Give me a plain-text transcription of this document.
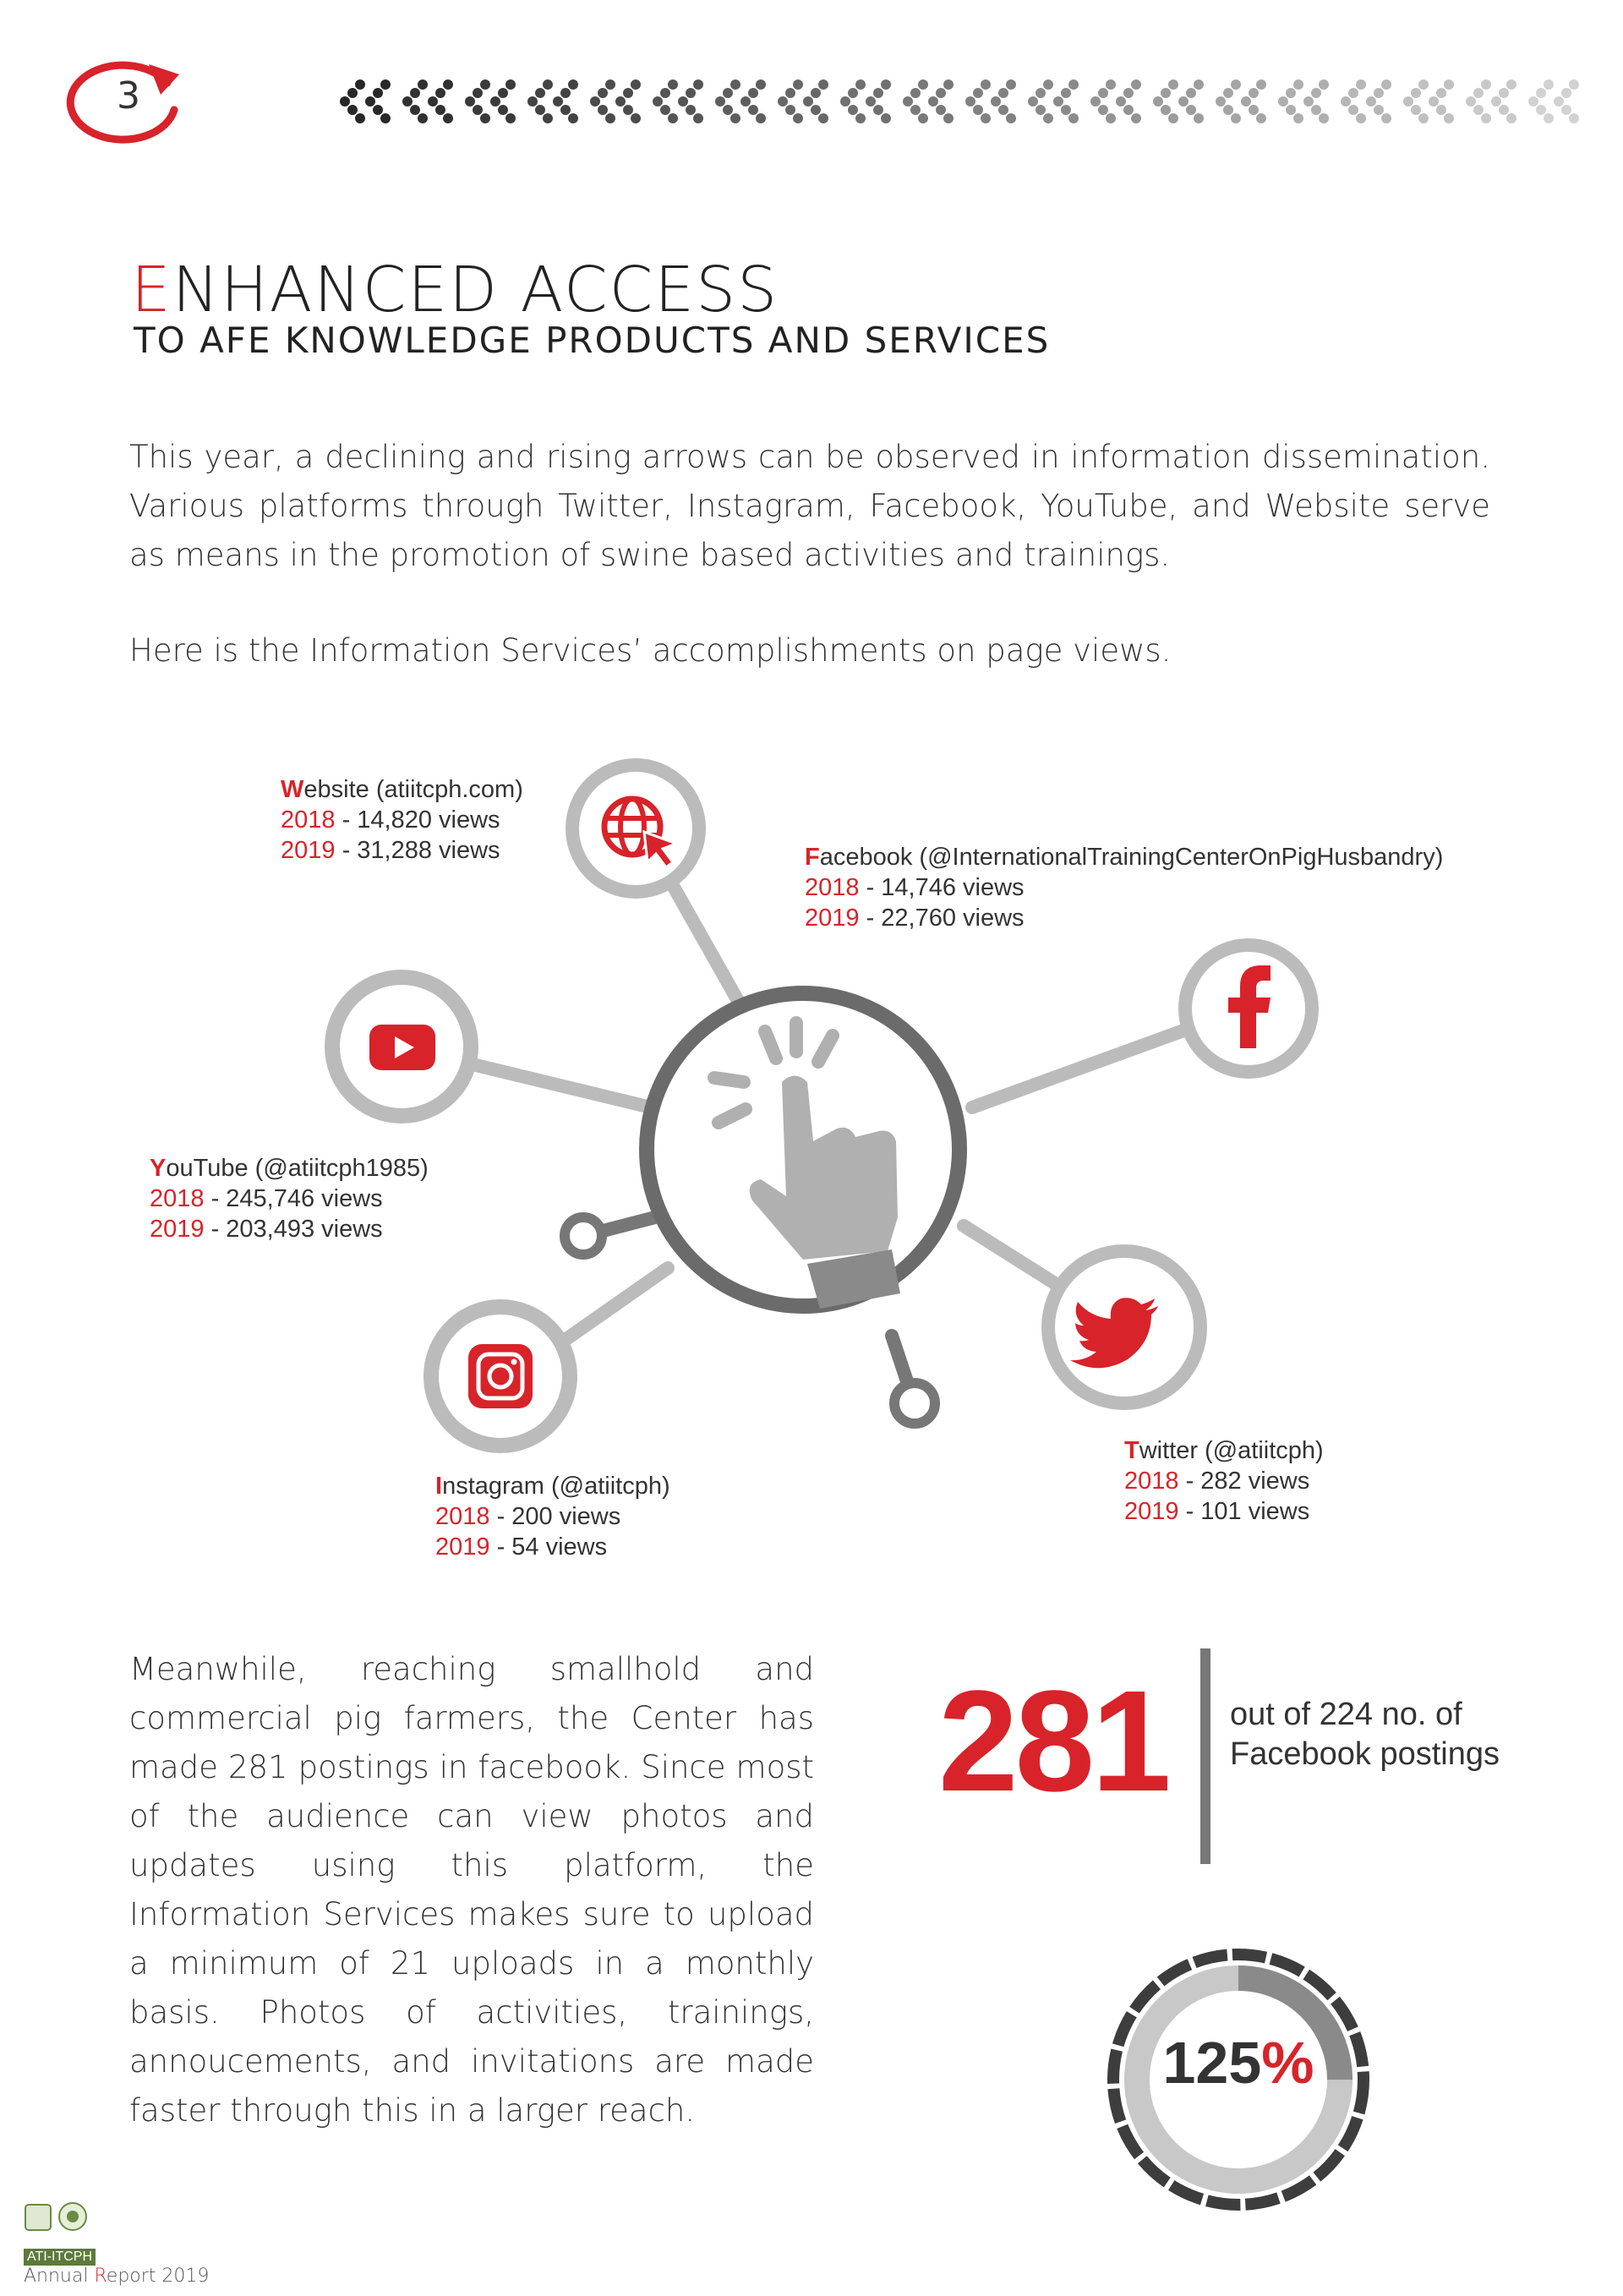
3
ENHANCED ACCESS
TO AFE KNOWLEDGE PRODUCTS AND SERVICES
This year, a declining and rising arrows can be observed in information dissemination. Various platforms through Twitter, Instagram, Facebook, YouTube, and Website serve as means in the promotion of swine based activities and trainings.
Here is the Information Services’ accomplishments on page views.
Website (atiitcph.com)
2018 - 14,820 views
2019 - 31,288 views	Facebook (@InternationalTrainingCenterOnPigHusbandry)
2018 - 14,746 views
2019 - 22,760 views
YouTube (@atiitcph1985)
2018 - 245,746 views
2019 - 203,493 views
Instagram (@atiitcph)
2018 - 200 views
2019 - 54 views
Twitter (@atiitcph)
2018 - 282 views
2019 - 101 views
Meanwhile, reaching smallhold and commercial pig farmers, the Center has made 281 postings in facebook. Since most of the audience can view photos and updates using this platform, the Information Services makes sure to upload a minimum of 21 uploads in a monthly basis. Photos of activities, trainings, annoucements, and invitations are made faster through this in a larger reach.
281 out of 224 no. of Facebook postings
125%
ATI-ITCPH
Annual Report 2019
